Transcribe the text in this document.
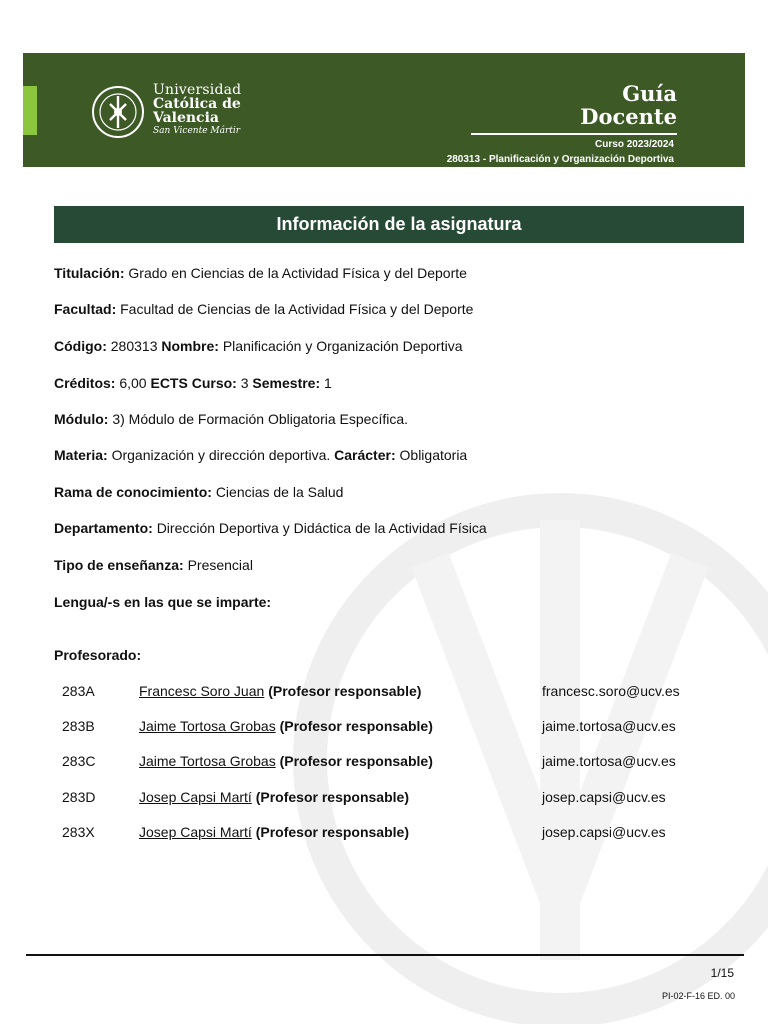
Universidad
Católica de
Valencia
San Vicente Mártir
Guía
Docente
Curso 2023/2024
280313 - Planificación y Organización Deportiva
Información de la asignatura
Titulación: Grado en Ciencias de la Actividad Física y del Deporte
Facultad: Facultad de Ciencias de la Actividad Física y del Deporte
Código: 280313 Nombre: Planificación y Organización Deportiva
Créditos: 6,00 ECTS Curso: 3 Semestre: 1
Módulo: 3) Módulo de Formación Obligatoria Específica.
Materia: Organización y dirección deportiva. Carácter: Obligatoria
Rama de conocimiento: Ciencias de la Salud
Departamento: Dirección Deportiva y Didáctica de la Actividad Física
Tipo de enseñanza: Presencial
Lengua/-s en las que se imparte:
Profesorado:
283A	Francesc Soro Juan (Profesor responsable)	francesc.soro@ucv.es
283B	Jaime Tortosa Grobas (Profesor responsable)	jaime.tortosa@ucv.es
283C	Jaime Tortosa Grobas (Profesor responsable)	jaime.tortosa@ucv.es
283D	Josep Capsi Martí (Profesor responsable)	josep.capsi@ucv.es
283X	Josep Capsi Martí (Profesor responsable)	josep.capsi@ucv.es
1/15
PI-02-F-16 ED. 00
